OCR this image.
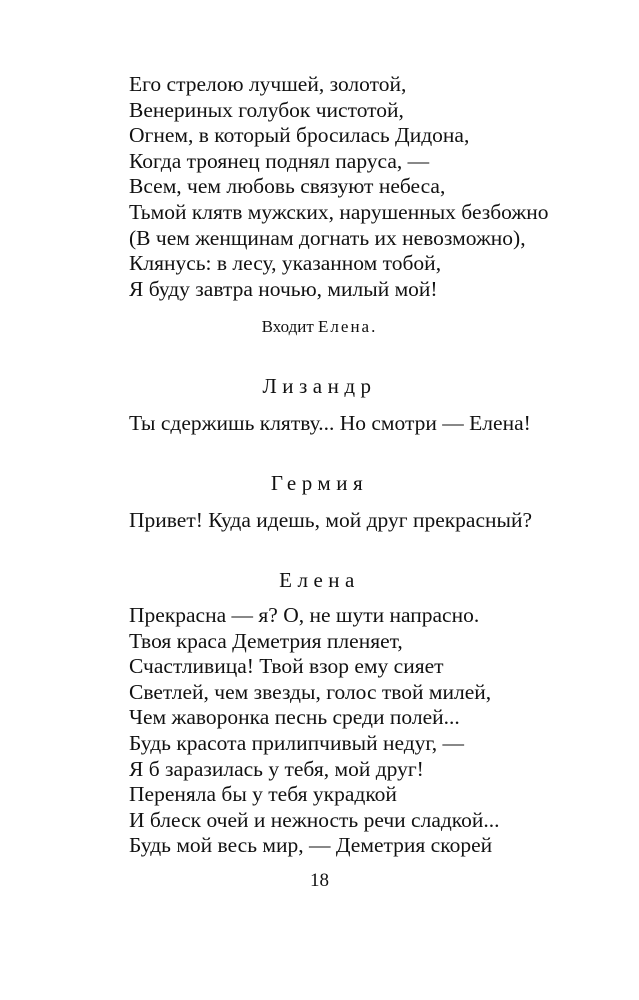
Его стрелою лучшей, золотой,
Венериных голубок чистотой,
Огнем, в который бросилась Дидона,
Когда троянец поднял паруса, —
Всем, чем любовь связуют небеса,
Тьмой клятв мужских, нарушенных безбожно
(В чем женщинам догнать их невозможно),
Клянусь: в лесу, указанном тобой,
Я буду завтра ночью, милый мой!
Входит Елена.
Лизандр
Ты сдержишь клятву... Но смотри — Елена!
Гермия
Привет! Куда идешь, мой друг прекрасный?
Елена
Прекрасна — я? О, не шути напрасно.
Твоя краса Деметрия пленяет,
Счастливица! Твой взор ему сияет
Светлей, чем звезды, голос твой милей,
Чем жаворонка песнь среди полей...
Будь красота прилипчивый недуг, —
Я б заразилась у тебя, мой друг!
Переняла бы у тебя украдкой
И блеск очей и нежность речи сладкой...
Будь мой весь мир, — Деметрия скорей
18
